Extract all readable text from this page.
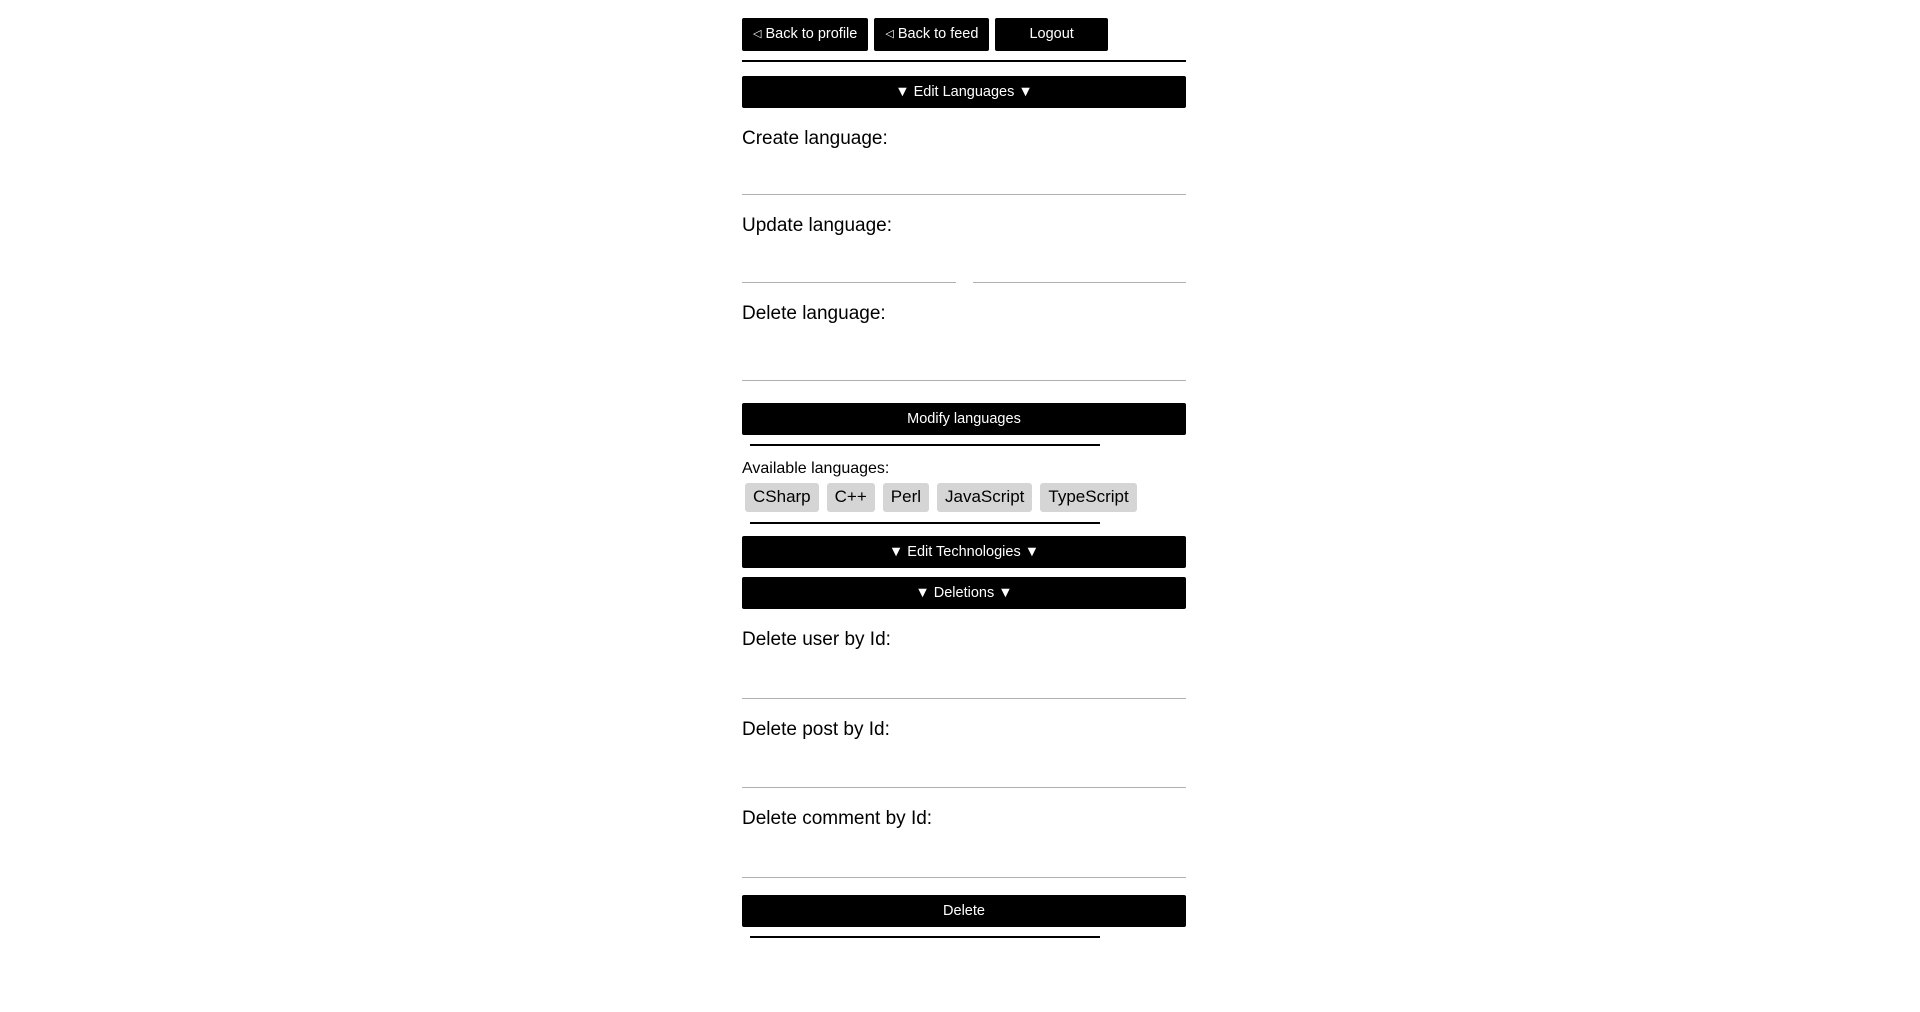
◁ Back to profile	◁ Back to feed	Logout
▼ Edit Languages ▼
Create language:
Update language:
Delete language:
Modify languages
Available languages:
CSharp	C++	Perl	JavaScript	TypeScript
▼ Edit Technologies ▼
▼ Deletions ▼
Delete user by Id:
Delete post by Id:
Delete comment by Id:
Delete
